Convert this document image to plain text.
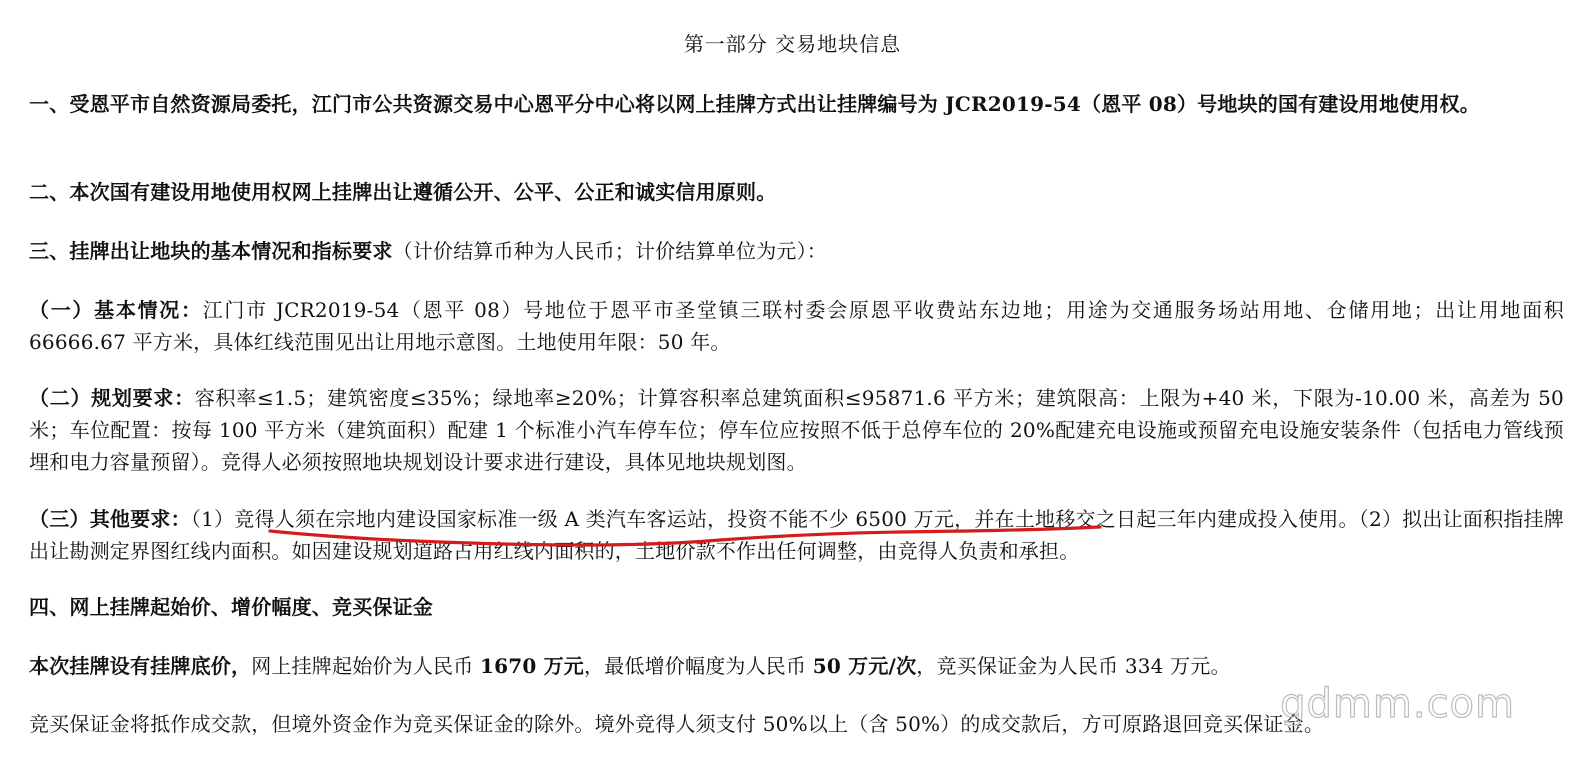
第一部分 交易地块信息
一、受恩平市自然资源局委托，江门市公共资源交易中心恩平分中心将以网上挂牌方式出让挂牌编号为 JCR2019-54（恩平 08）号地块的国有建设用地使用权。
二、本次国有建设用地使用权网上挂牌出让遵循公开、公平、公正和诚实信用原则。
三、挂牌出让地块的基本情况和指标要求（计价结算币种为人民币；计价结算单位为元）：
（一）基本情况：江门市 JCR2019-54（恩平 08）号地位于恩平市圣堂镇三联村委会原恩平收费站东边地；用途为交通服务场站用地、仓储用地；出让用地面积 66666.67 平方米，具体红线范围见出让用地示意图。土地使用年限：50 年。
（二）规划要求：容积率≤1.5；建筑密度≤35%；绿地率≥20%；计算容积率总建筑面积≤95871.6 平方米；建筑限高：上限为+40 米，下限为-10.00 米，高差为 50 米；车位配置：按每 100 平方米（建筑面积）配建 1 个标准小汽车停车位；停车位应按照不低于总停车位的 20%配建充电设施或预留充电设施安装条件（包括电力管线预埋和电力容量预留）。竞得人必须按照地块规划设计要求进行建设，具体见地块规划图。
（三）其他要求：（1）竞得人须在宗地内建设国家标准一级 A 类汽车客运站，投资不能不少 6500 万元，并在土地移交之日起三年内建成投入使用。（2）拟出让面积指挂牌出让勘测定界图红线内面积。如因建设规划道路占用红线内面积的，土地价款不作出任何调整，由竞得人负责和承担。
四、网上挂牌起始价、增价幅度、竞买保证金
本次挂牌设有挂牌底价，网上挂牌起始价为人民币 1670 万元，最低增价幅度为人民币 50 万元/次，竞买保证金为人民币 334 万元。
竞买保证金将抵作成交款，但境外资金作为竞买保证金的除外。境外竞得人须支付 50%以上（含 50%）的成交款后，方可原路退回竞买保证金。
gdmm.com
